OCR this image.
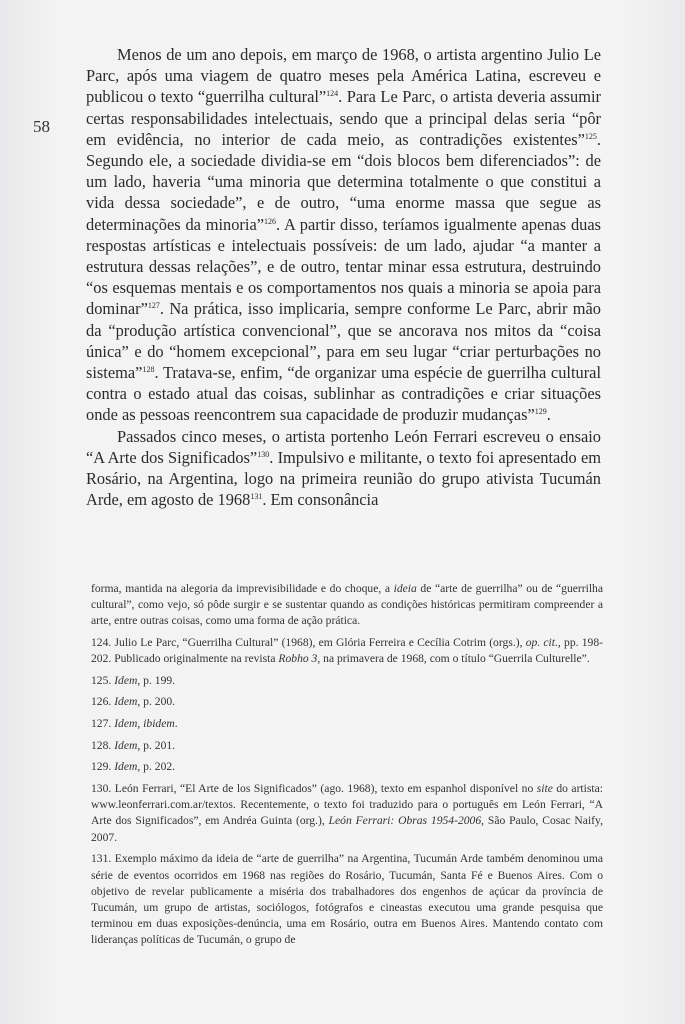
58

Menos de um ano depois, em março de 1968, o artista argentino Julio Le Parc, após uma viagem de quatro meses pela América Latina, escreveu e publicou o texto “guerrilha cultural”$^{124}$. Para Le Parc, o artista deveria assumir certas responsabilidades intelectuais, sendo que a principal delas seria “pôr em evidência, no interior de cada meio, as contradições existentes”$^{125}$. Segundo ele, a sociedade dividia-se em “dois blocos bem diferenciados”: de um lado, haveria “uma minoria que determina totalmente o que constitui a vida dessa sociedade”, e de outro, “uma enorme massa que segue as determinações da minoria”$^{126}$. A partir disso, teríamos igualmente apenas duas respostas artísticas e intelectuais possíveis: de um lado, ajudar “a manter a estrutura dessas relações”, e de outro, tentar minar essa estrutura, destruindo “os esquemas mentais e os comportamentos nos quais a minoria se apoia para dominar”$^{127}$. Na prática, isso implicaria, sempre conforme Le Parc, abrir mão da “produção artística convencional”, que se ancorava nos mitos da “coisa única” e do “homem excepcional”, para em seu lugar “criar perturbações no sistema”$^{128}$. Tratava-se, enfim, “de organizar uma espécie de guerrilha cultural contra o estado atual das coisas, sublinhar as contradições e criar situações onde as pessoas reencontrem sua capacidade de produzir mudanças”$^{129}$.

Passados cinco meses, o artista portenho León Ferrari escreveu o ensaio “A Arte dos Significados”$^{130}$. Impulsivo e militante, o texto foi apresentado em Rosário, na Argentina, logo na primeira reunião do grupo ativista Tucumán Arde, em agosto de 1968$^{131}$. Em consonância

forma, mantida na alegoria da imprevisibilidade e do choque, a ideia de “arte de guerrilha” ou de “guerrilha cultural”, como vejo, só pôde surgir e se sustentar quando as condições históricas permitiram compreender a arte, entre outras coisas, como uma forma de ação prática.

124. Julio Le Parc, “Guerrilha Cultural” (1968), em Glória Ferreira e Cecília Cotrim (orgs.), op. cit., pp. 198-202. Publicado originalmente na revista Robho 3, na primavera de 1968, com o título “Guerrila Culturelle”.

125. Idem, p. 199.

126. Idem, p. 200.

127. Idem, ibidem.

128. Idem, p. 201.

129. Idem, p. 202.

130. León Ferrari, “El Arte de los Significados” (ago. 1968), texto em espanhol disponível no site do artista: www.leonferrari.com.ar/textos. Recentemente, o texto foi traduzido para o português em León Ferrari, “A Arte dos Significados”, em Andréa Guinta (org.), León Ferrari: Obras 1954-2006, São Paulo, Cosac Naify, 2007.

131. Exemplo máximo da ideia de “arte de guerrilha” na Argentina, Tucumán Arde também denominou uma série de eventos ocorridos em 1968 nas regiões do Rosário, Tucumán, Santa Fé e Buenos Aires. Com o objetivo de revelar publicamente a miséria dos trabalhadores dos engenhos de açúcar da província de Tucumán, um grupo de artistas, sociólogos, fotógrafos e cineastas executou uma grande pesquisa que terminou em duas exposições-denúncia, uma em Rosário, outra em Buenos Aires. Mantendo contato com lideranças políticas de Tucumán, o grupo de
